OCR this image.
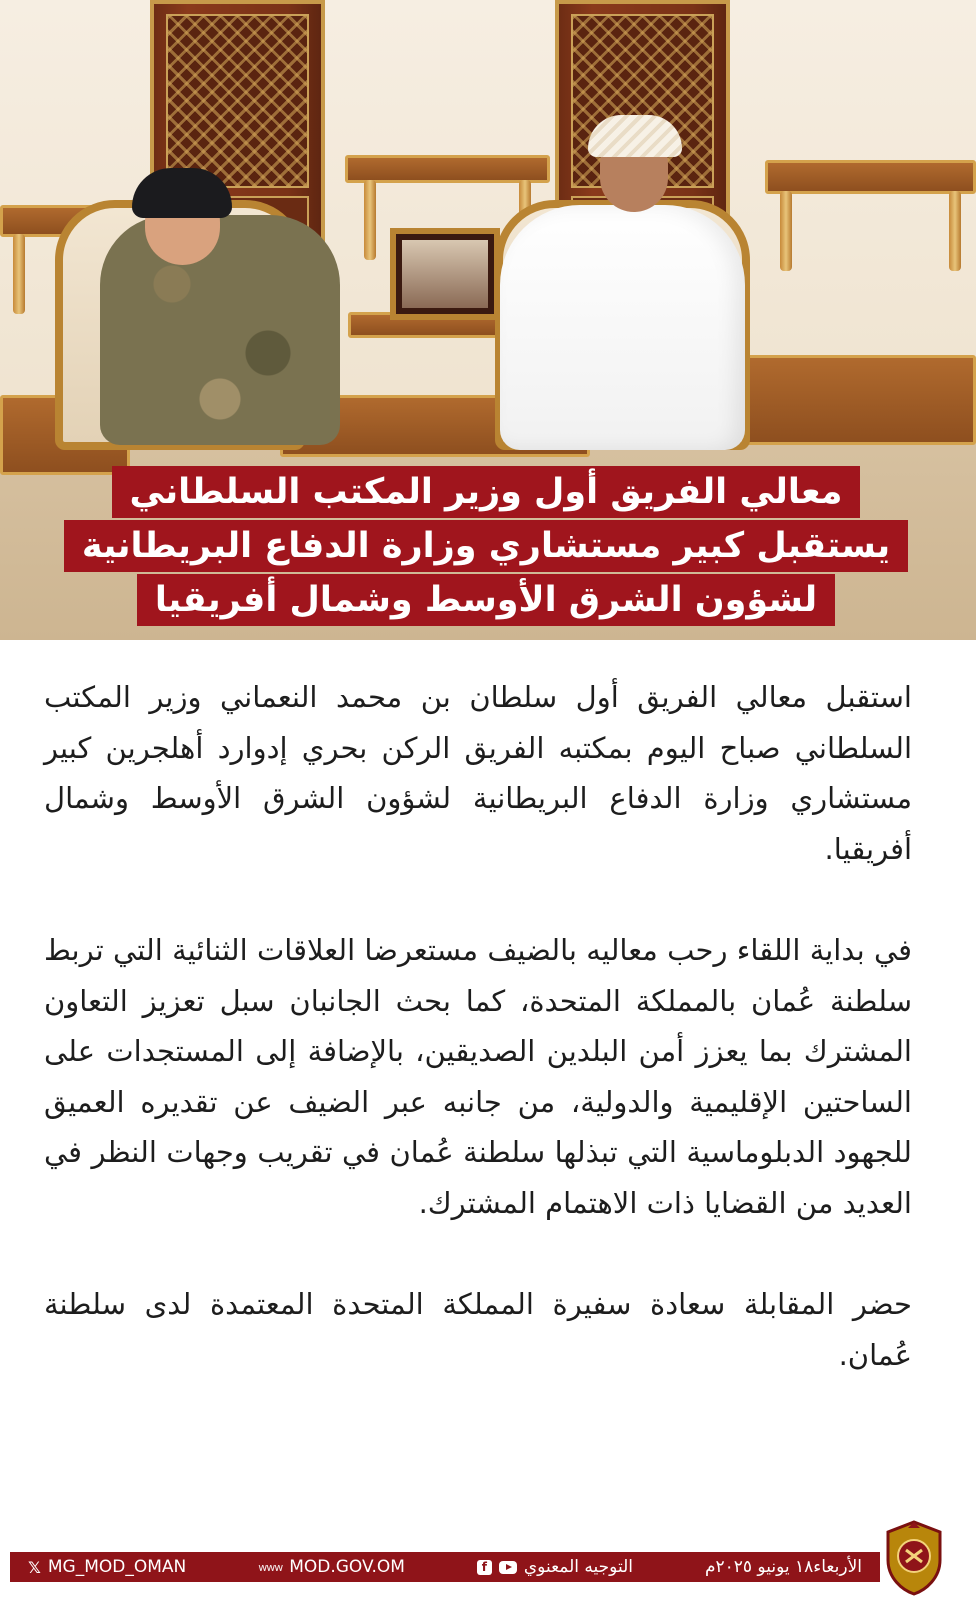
معالي الفريق أول وزير المكتب السلطاني
يستقبل كبير مستشاري وزارة الدفاع البريطانية
لشؤون الشرق الأوسط وشمال أفريقيا

استقبل معالي الفريق أول سلطان بن محمد النعماني وزير المكتب السلطاني صباح اليوم بمكتبه الفريق الركن بحري إدوارد أهلجرين كبير مستشاري وزارة الدفاع البريطانية لشؤون الشرق الأوسط وشمال أفريقيا.

في بداية اللقاء رحب معاليه بالضيف مستعرضا العلاقات الثنائية التي تربط سلطنة عُمان بالمملكة المتحدة، كما بحث الجانبان سبل تعزيز التعاون المشترك بما يعزز أمن البلدين الصديقين، بالإضافة إلى المستجدات على الساحتين الإقليمية والدولية، من جانبه عبر الضيف عن تقديره العميق للجهود الدبلوماسية التي تبذلها سلطنة عُمان في تقريب وجهات النظر في العديد من القضايا ذات الاهتمام المشترك.

حضر المقابلة سعادة سفيرة المملكة المتحدة المعتمدة لدى سلطنة عُمان.

𝕏 MG_MOD_OMAN	www MOD.GOV.OM	f التوجيه المعنوي	الأربعاء١٨ يونيو ٢٠٢٥م
